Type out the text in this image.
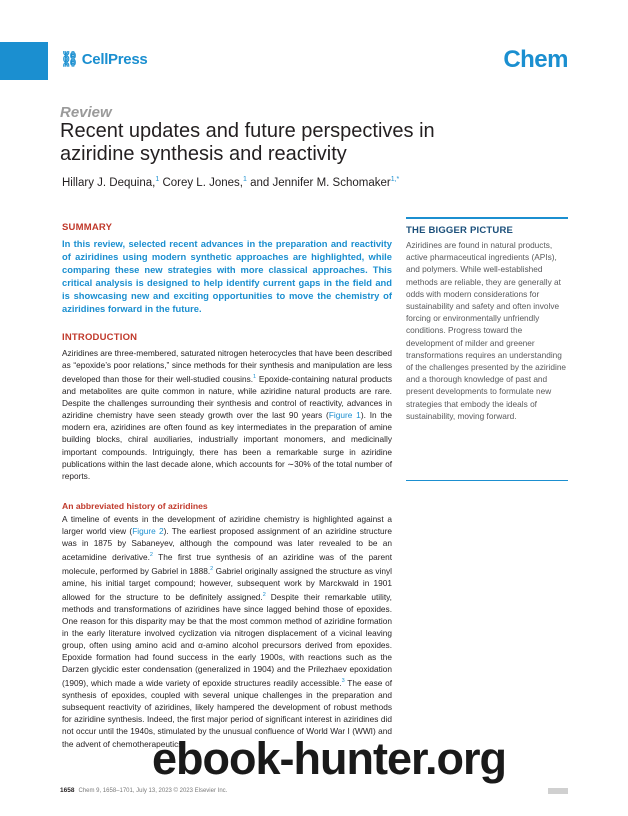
⛓ CellPress	Chem
Review
Recent updates and future perspectives in aziridine synthesis and reactivity
Hillary J. Dequina,$^1$ Corey L. Jones,$^1$ and Jennifer M. Schomaker$^{1,*}$
SUMMARY

In this review, selected recent advances in the preparation and reactivity of aziridines using modern synthetic approaches are highlighted, while comparing these new strategies with more classical approaches. This critical analysis is designed to help identify current gaps in the field and is showcasing new and exciting opportunities to move the chemistry of aziridines forward in the future.

INTRODUCTION

Aziridines are three-membered, saturated nitrogen heterocycles that have been described as “epoxide’s poor relations,” since methods for their synthesis and manipulation are less developed than those for their well-studied cousins.$^1$ Epoxide-containing natural products and metabolites are quite common in nature, while aziridine natural products are rare. Despite the challenges surrounding their synthesis and control of reactivity, advances in aziridine chemistry have seen steady growth over the last 90 years (Figure 1). In the modern era, aziridines are often found as key intermediates in the preparation of amine building blocks, chiral auxiliaries, industrially important monomers, and medicinally important compounds. Intriguingly, there has been a remarkable surge in aziridine publications within the last decade alone, which accounts for ∼30% of the total number of reports.

An abbreviated history of aziridines

A timeline of events in the development of aziridine chemistry is highlighted against a larger world view (Figure 2). The earliest proposed assignment of an aziridine structure was in 1875 by Sabaneyev, although the compound was later revealed to be an acetamidine derivative.$^2$ The first true synthesis of an aziridine was of the parent molecule, performed by Gabriel in 1888.$^2$ Gabriel originally assigned the structure as vinyl amine, his initial target compound; however, subsequent work by Marckwald in 1901 allowed for the structure to be definitely assigned.$^2$ Despite their remarkable utility, methods and transformations of aziridines have since lagged behind those of epoxides. One reason for this disparity may be that the most common method of aziridine formation in the early literature involved cyclization via nitrogen displacement of a vicinal leaving group, often using amino acid and α-amino alcohol precursors derived from epoxides. Epoxide formation had found success in the early 1900s, with reactions such as the Darzen glycidic ester condensation (generalized in 1904) and the Prilezhaev epoxidation (1909), which made a wide variety of epoxide structures readily accessible.$^3$ The ease of synthesis of epoxides, coupled with several unique challenges in the preparation and subsequent reactivity of aziridines, likely hampered the development of robust methods for aziridine synthesis. Indeed, the first major period of significant interest in aziridines did not occur until the 1940s, stimulated by the unusual confluence of World War I (WWI) and the advent of chemotherapeutics.

THE BIGGER PICTURE

Aziridines are found in natural products, active pharmaceutical ingredients (APIs), and polymers. While well-established methods are reliable, they are generally at odds with modern considerations for sustainability and safety and often involve forcing or environmentally unfriendly conditions. Progress toward the development of milder and greener transformations requires an understanding of the challenges presented by the aziridine and a thorough knowledge of past and present developments to formulate new strategies that embody the ideals of sustainability, moving forward.

1658 Chem 9, 1658–1701, July 13, 2023 © 2023 Elsevier Inc.
ebook-hunter.org
